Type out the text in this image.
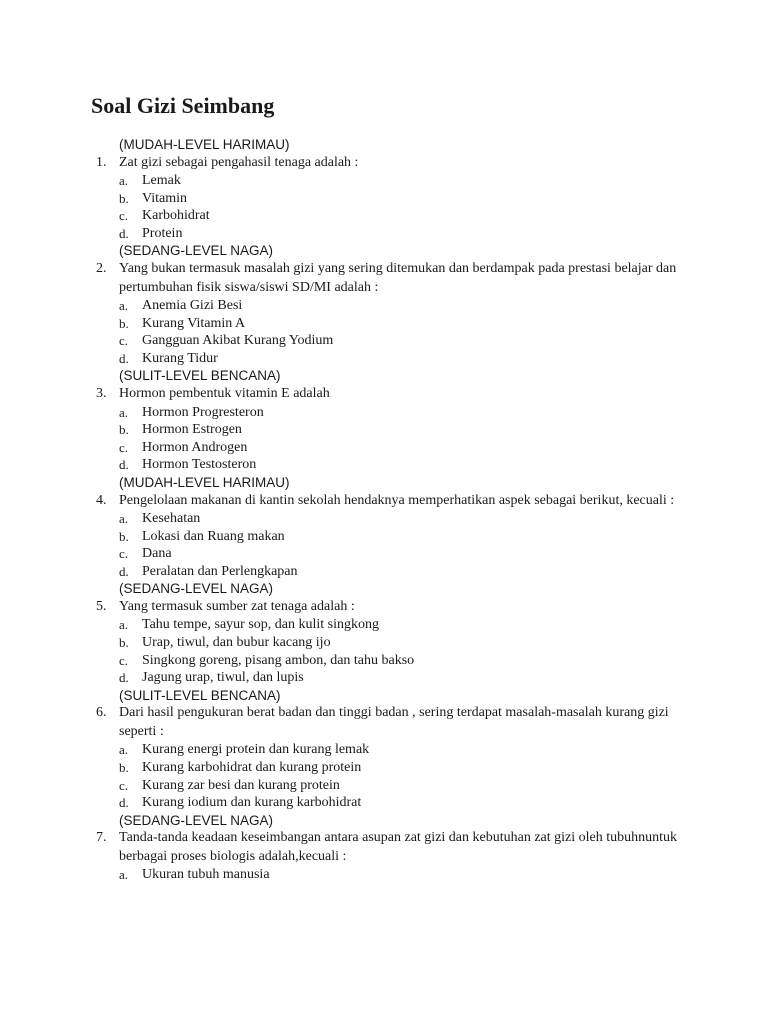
Soal Gizi Seimbang
(MUDAH-LEVEL HARIMAU)
1. Zat gizi sebagai pengahasil tenaga adalah :
a. Lemak
b. Vitamin
c. Karbohidrat
d. Protein
(SEDANG-LEVEL NAGA)
2. Yang bukan termasuk masalah gizi yang sering ditemukan dan berdampak pada prestasi belajar dan pertumbuhan fisik siswa/siswi SD/MI adalah :
a. Anemia Gizi Besi
b. Kurang Vitamin A
c. Gangguan Akibat Kurang Yodium
d. Kurang Tidur
(SULIT-LEVEL BENCANA)
3. Hormon pembentuk vitamin E adalah
a. Hormon Progresteron
b. Hormon Estrogen
c. Hormon Androgen
d. Hormon Testosteron
(MUDAH-LEVEL HARIMAU)
4. Pengelolaan makanan di kantin sekolah hendaknya memperhatikan aspek sebagai berikut, kecuali :
a. Kesehatan
b. Lokasi dan Ruang makan
c. Dana
d. Peralatan dan Perlengkapan
(SEDANG-LEVEL NAGA)
5. Yang termasuk sumber zat tenaga adalah :
a. Tahu tempe, sayur sop, dan kulit singkong
b. Urap, tiwul, dan bubur kacang ijo
c. Singkong goreng, pisang ambon, dan tahu bakso
d. Jagung urap, tiwul, dan lupis
(SULIT-LEVEL BENCANA)
6. Dari hasil pengukuran berat badan dan tinggi badan , sering terdapat masalah-masalah kurang gizi seperti :
a. Kurang energi protein dan kurang lemak
b. Kurang karbohidrat dan kurang protein
c. Kurang zar besi dan kurang protein
d. Kurang iodium dan kurang karbohidrat
(SEDANG-LEVEL NAGA)
7. Tanda-tanda keadaan keseimbangan antara asupan zat gizi dan kebutuhan zat gizi oleh tubuhnuntuk berbagai proses biologis adalah,kecuali :
a. Ukuran tubuh manusia
